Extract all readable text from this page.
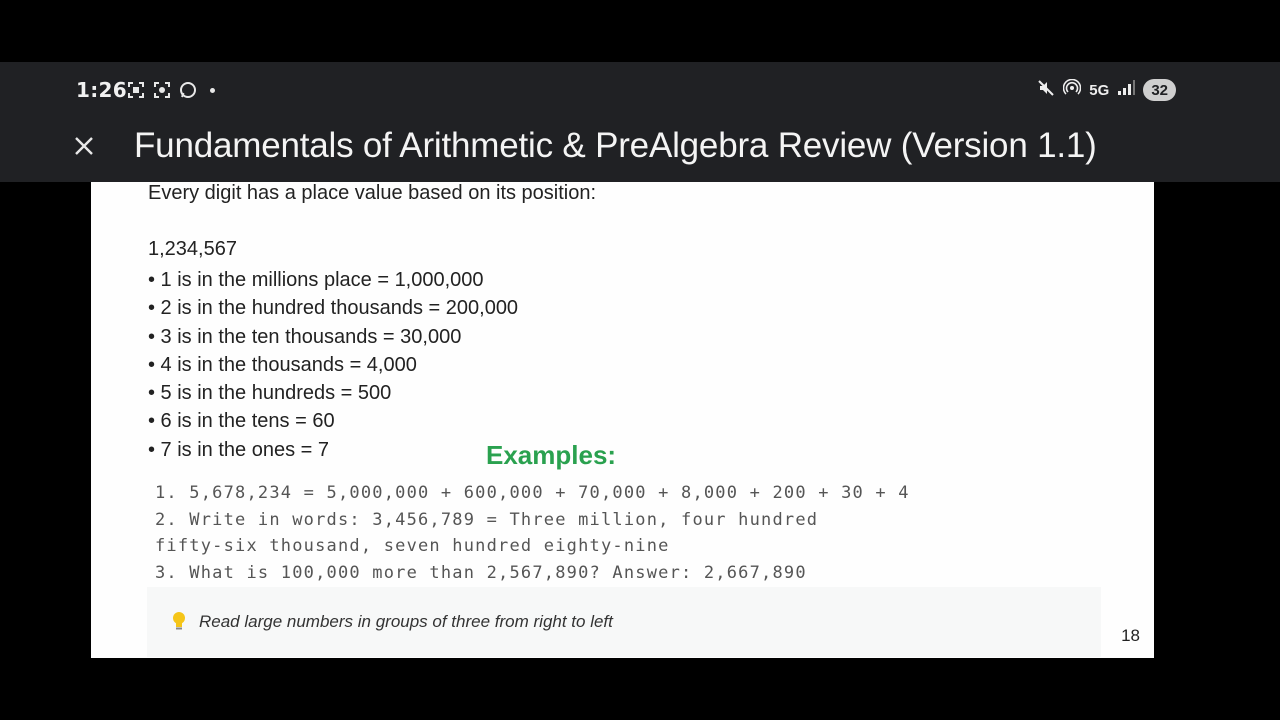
1:26	5G	32
Fundamentals of Arithmetic & PreAlgebra Review (Version 1.1)
Every digit has a place value based on its position:
1,234,567
• 1 is in the millions place = 1,000,000
• 2 is in the hundred thousands = 200,000
• 3 is in the ten thousands = 30,000
• 4 is in the thousands = 4,000
• 5 is in the hundreds = 500
• 6 is in the tens = 60
• 7 is in the ones = 7	Examples:
1. 5,678,234 = 5,000,000 + 600,000 + 70,000 + 8,000 + 200 + 30 + 4
2. Write in words: 3,456,789 = Three million, four hundred
fifty-six thousand, seven hundred eighty-nine
3. What is 100,000 more than 2,567,890? Answer: 2,667,890
Read large numbers in groups of three from right to left
18
